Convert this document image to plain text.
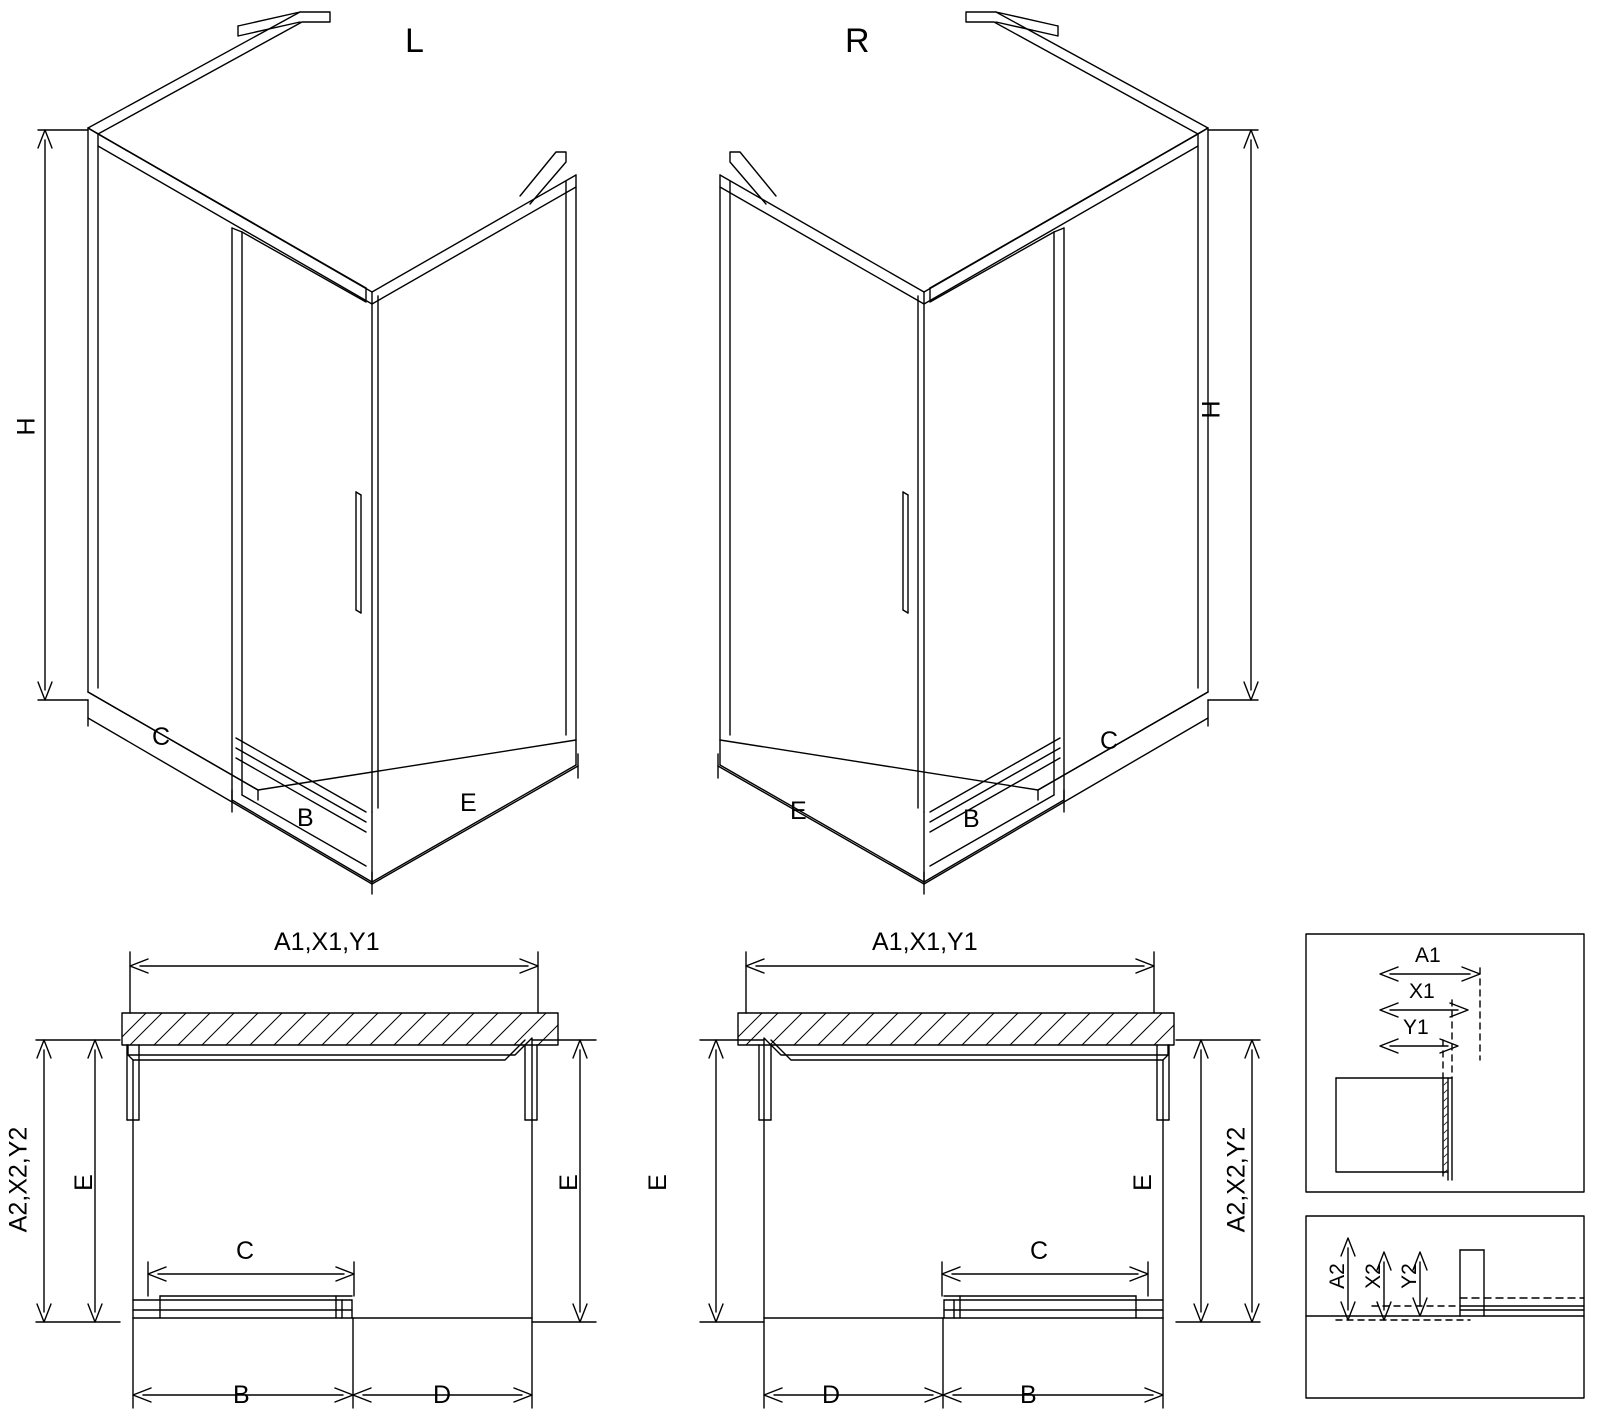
L
H
C
B
E
R
H
E	B
C
A1,X1,Y1
A2,X2,Y2 E	E
C
B	D
A1,X1,Y1
A2,X2,Y2
E
E
C
B
D
A1
X1
Y1
A2 X2 Y2
